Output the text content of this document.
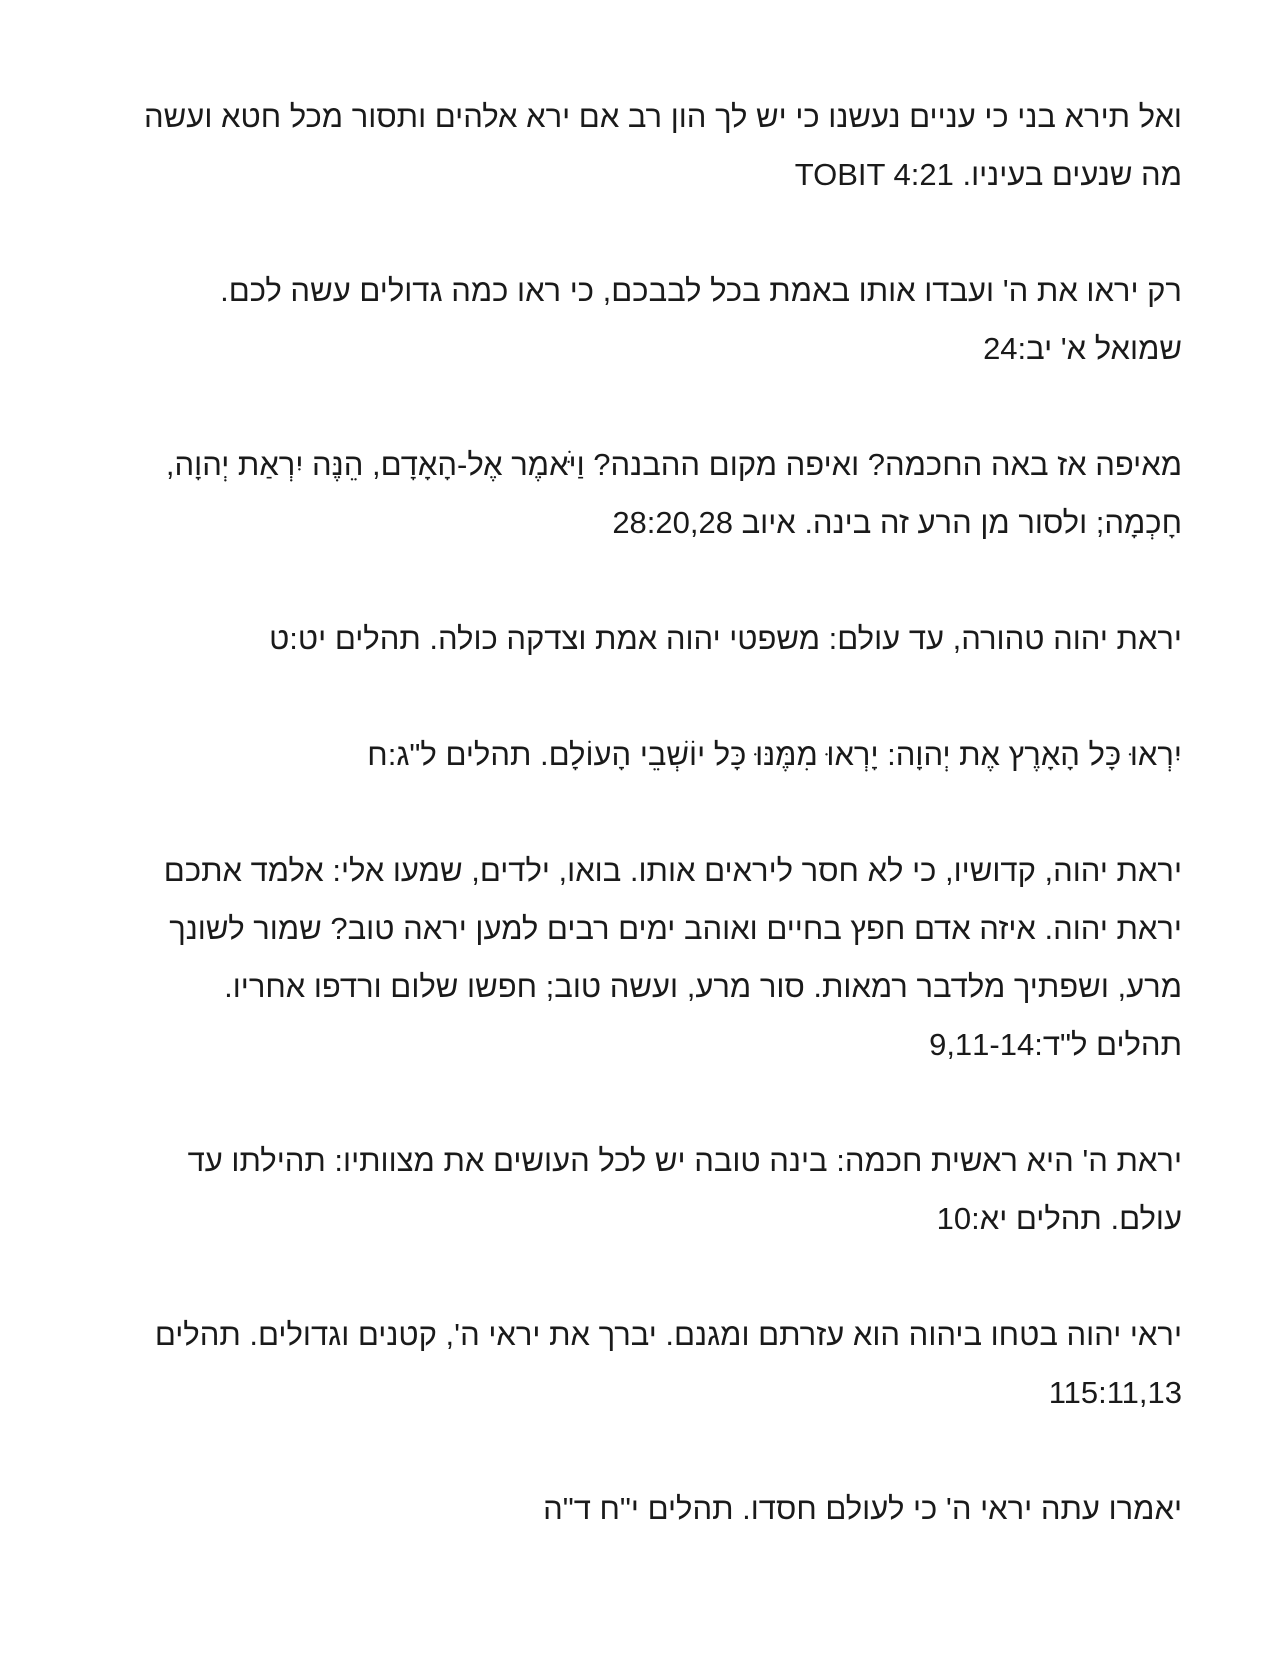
ואל תירא בני כי עניים נעשנו כי יש לך הון רב אם ירא אלהים ותסור מכל חטא ועשה
מה שנעים בעיניו. TOBIT 4:21

רק יראו את ה' ועבדו אותו באמת בכל לבבכם, כי ראו כמה גדולים עשה לכם.
שמואל א' יב:24

מאיפה אז באה החכמה? ואיפה מקום ההבנה? וַיֹּאמֶר אֶל-הָאָדָם, הֵנֶּה יִרְאַת יְהוָה,
חָכְמָה; ולסור מן הרע זה בינה. איוב 28:20,28

יראת יהוה טהורה, עד עולם: משפטי יהוה אמת וצדקה כולה. תהלים יט:ט

יִרְאוּ כָּל הָאָרֶץ אֶת יְהוָה: יָרְאוּ מִמֶּנּוּ כָּל יוֹשְׁבֵי הָעוֹלָם. תהלים ל"ג:ח

יראת יהוה, קדושיו, כי לא חסר ליראים אותו. בואו, ילדים, שמעו אלי: אלמד אתכם
יראת יהוה. איזה אדם חפץ בחיים ואוהב ימים רבים למען יראה טוב? שמור לשונך
מרע, ושפתיך מלדבר רמאות. סור מרע, ועשה טוב; חפשו שלום ורדפו אחריו.
תהלים ל"ד:9,11-14

יראת ה' היא ראשית חכמה: בינה טובה יש לכל העושים את מצוותיו: תהילתו עד
עולם. תהלים יא:10

יראי יהוה בטחו ביהוה הוא עזרתם ומגנם. יברך את יראי ה', קטנים וגדולים. תהלים
115:11,13

יאמרו עתה יראי ה' כי לעולם חסדו. תהלים י"ח ד"ה
